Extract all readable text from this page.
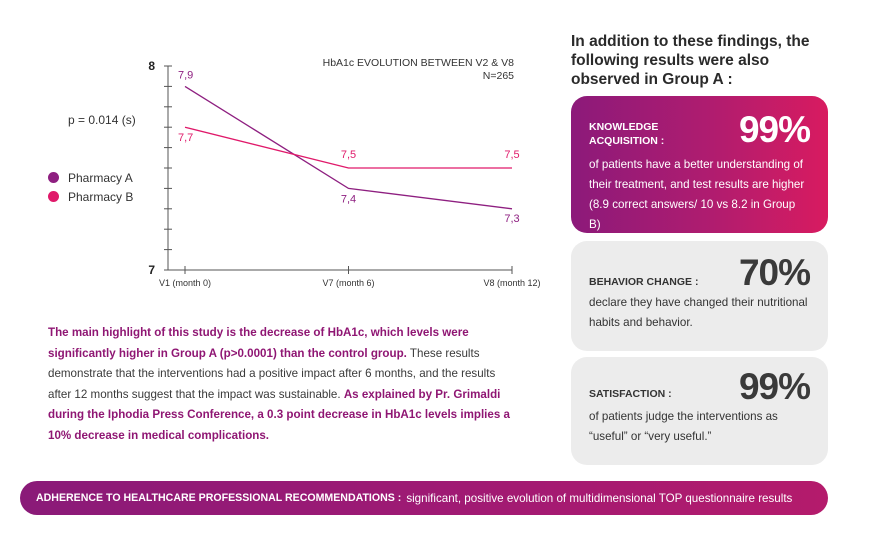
8
7
V1 (month 0)	V7 (month 6)	V8 (month 12)
7,9
7,4
7,3
7,7
7,5	7,5
HbA1c EVOLUTION BETWEEN V2 & V8
N=265
p = 0.014 (s)
Pharmacy A
Pharmacy B
The main highlight of this study is the decrease of HbA1c, which levels were significantly higher in Group A (p>0.0001) than the control group. These results demonstrate that the interventions had a positive impact after 6 months, and the results after 12 months suggest that the impact was sustainable. As explained by Pr. Grimaldi during the Iphodia Press Conference, a 0.3 point decrease in HbA1c levels implies a 10% decrease in medical complications.
In addition to these findings, the following results were also observed in Group A :
KNOWLEDGE ACQUISITION :	99%
of patients have a better understanding of their treatment, and test results are higher (8.9 correct answers/ 10 vs 8.2 in Group B)
BEHAVIOR CHANGE : 70%
declare they have changed their nutritional habits and behavior.
SATISFACTION : 99%
of patients judge the interventions as “useful” or “very useful.”
ADHERENCE TO HEALTHCARE PROFESSIONAL RECOMMENDATIONS : significant, positive evolution of multidimensional TOP questionnaire results
